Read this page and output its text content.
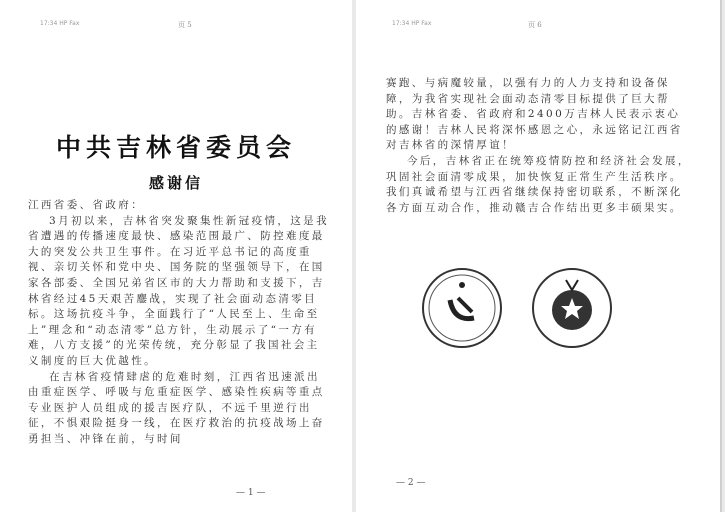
17:34 HP Fax	页 5
中共吉林省委员会
感谢信

江西省委、省政府：

3月初以来，吉林省突发聚集性新冠疫情，这是我省遭遇的传播速度最快、感染范围最广、防控难度最大的突发公共卫生事件。在习近平总书记的高度重视、亲切关怀和党中央、国务院的坚强领导下，在国家各部委、全国兄弟省区市的大力帮助和支援下，吉林省经过45天艰苦鏖战，实现了社会面动态清零目标。这场抗疫斗争，全面践行了“人民至上、生命至上”理念和“动态清零”总方针，生动展示了“一方有难，八方支援”的光荣传统，充分彰显了我国社会主义制度的巨大优越性。

在吉林省疫情肆虐的危难时刻，江西省迅速派出由重症医学、呼吸与危重症医学、感染性疾病等重点专业医护人员组成的援吉医疗队，不远千里逆行出征，不惧艰险挺身一线，在医疗救治的抗疫战场上奋勇担当、冲锋在前，与时间

— 1 —
17:34 HP Fax	页 6

赛跑、与病魔较量，以强有力的人力支持和设备保障，为我省实现社会面动态清零目标提供了巨大帮助。吉林省委、省政府和2400万吉林人民表示衷心的感谢！吉林人民将深怀感恩之心，永远铭记江西省对吉林省的深情厚谊！

今后，吉林省正在统筹疫情防控和经济社会发展，巩固社会面清零成果，加快恢复正常生产生活秩序。我们真诚希望与江西省继续保持密切联系，不断深化各方面互动合作，推动赣吉合作结出更多丰硕果实。

— 2 —
